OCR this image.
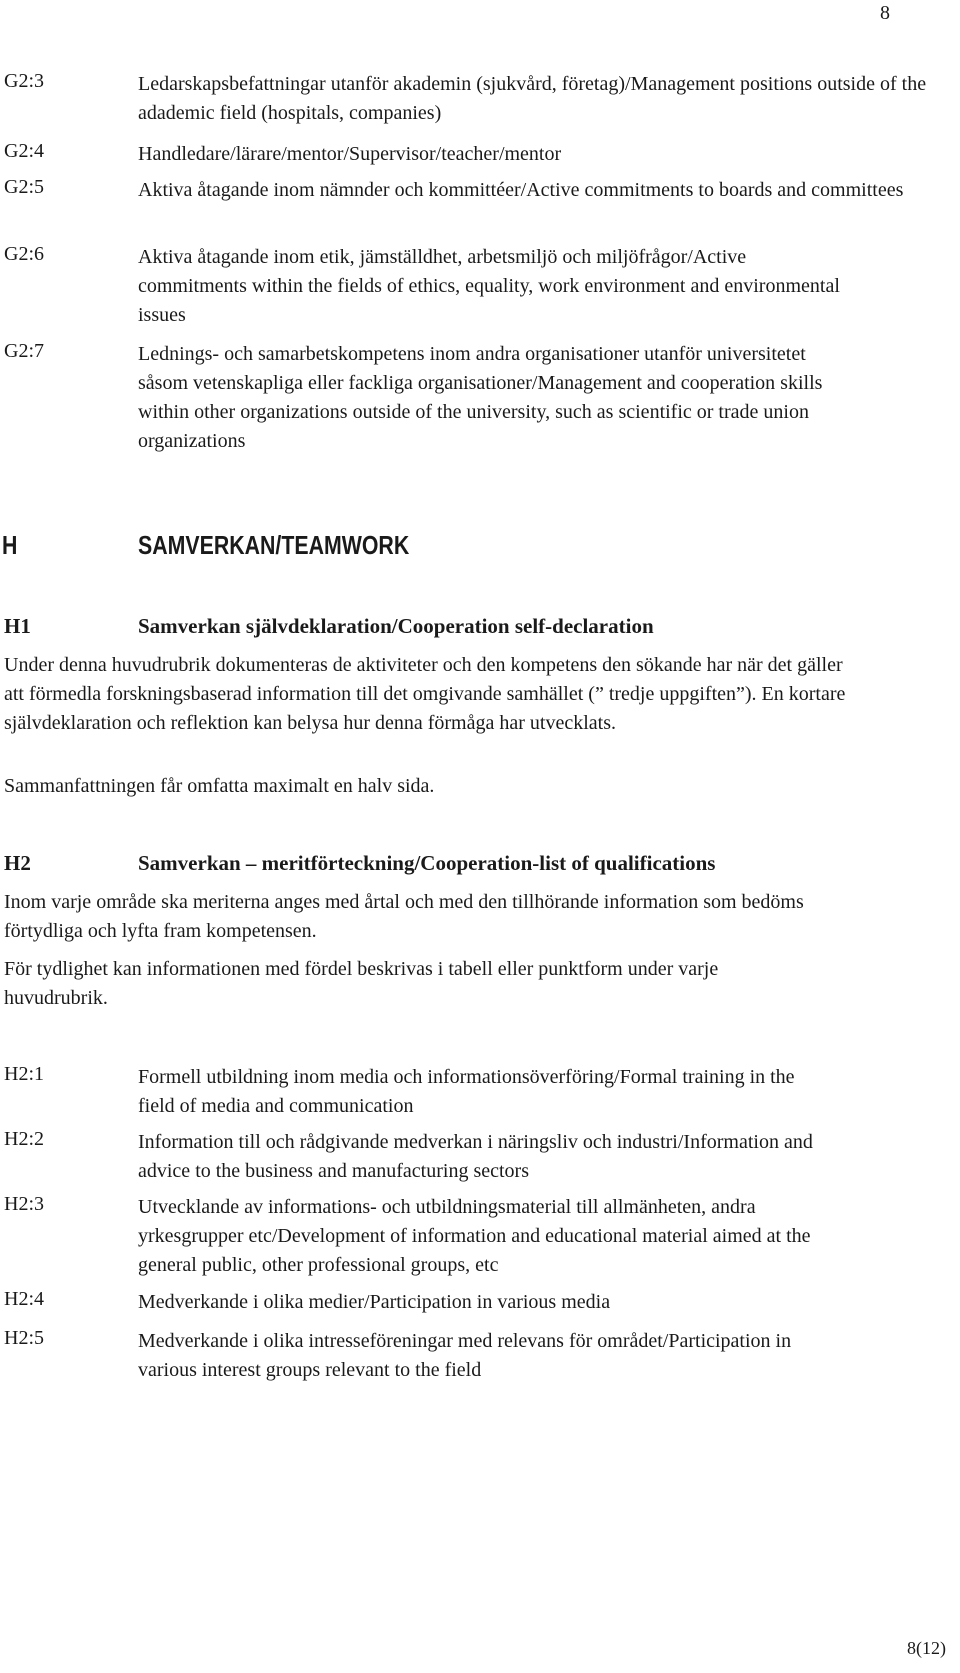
8
G2:3	Ledarskapsbefattningar utanför akademin (sjukvård, företag)/Management positions outside of the adademic field (hospitals, companies)
G2:4	Handledare/lärare/mentor/Supervisor/teacher/mentor
G2:5	Aktiva åtagande inom nämnder och kommittéer/Active commitments to boards and committees
G2:6	Aktiva åtagande inom etik, jämställdhet, arbetsmiljö och miljöfrågor/Active commitments within the fields of ethics, equality, work environment and environmental issues
G2:7	Lednings- och samarbetskompetens inom andra organisationer utanför universitetet såsom vetenskapliga eller fackliga organisationer/Management and cooperation skills within other organizations outside of the university, such as scientific or trade union organizations
H	SAMVERKAN/TEAMWORK
H1	Samverkan självdeklaration/Cooperation self-declaration
Under denna huvudrubrik dokumenteras de aktiviteter och den kompetens den sökande har när det gäller att förmedla forskningsbaserad information till det omgivande samhället (” tredje uppgiften”). En kortare självdeklaration och reflektion kan belysa hur denna förmåga har utvecklats.
Sammanfattningen får omfatta maximalt en halv sida.
H2	Samverkan – meritförteckning/Cooperation-list of qualifications
Inom varje område ska meriterna anges med årtal och med den tillhörande information som bedöms förtydliga och lyfta fram kompetensen.
För tydlighet kan informationen med fördel beskrivas i tabell eller punktform under varje huvudrubrik.
H2:1	Formell utbildning inom media och informationsöverföring/Formal training in the field of media and communication
H2:2	Information till och rådgivande medverkan i näringsliv och industri/Information and advice to the business and manufacturing sectors
H2:3	Utvecklande av informations- och utbildningsmaterial till allmänheten, andra yrkesgrupper etc/Development of information and educational material aimed at the general public, other professional groups, etc
H2:4	Medverkande i olika medier/Participation in various media
H2:5	Medverkande i olika intresseföreningar med relevans för området/Participation in various interest groups relevant to the field
8(12)
